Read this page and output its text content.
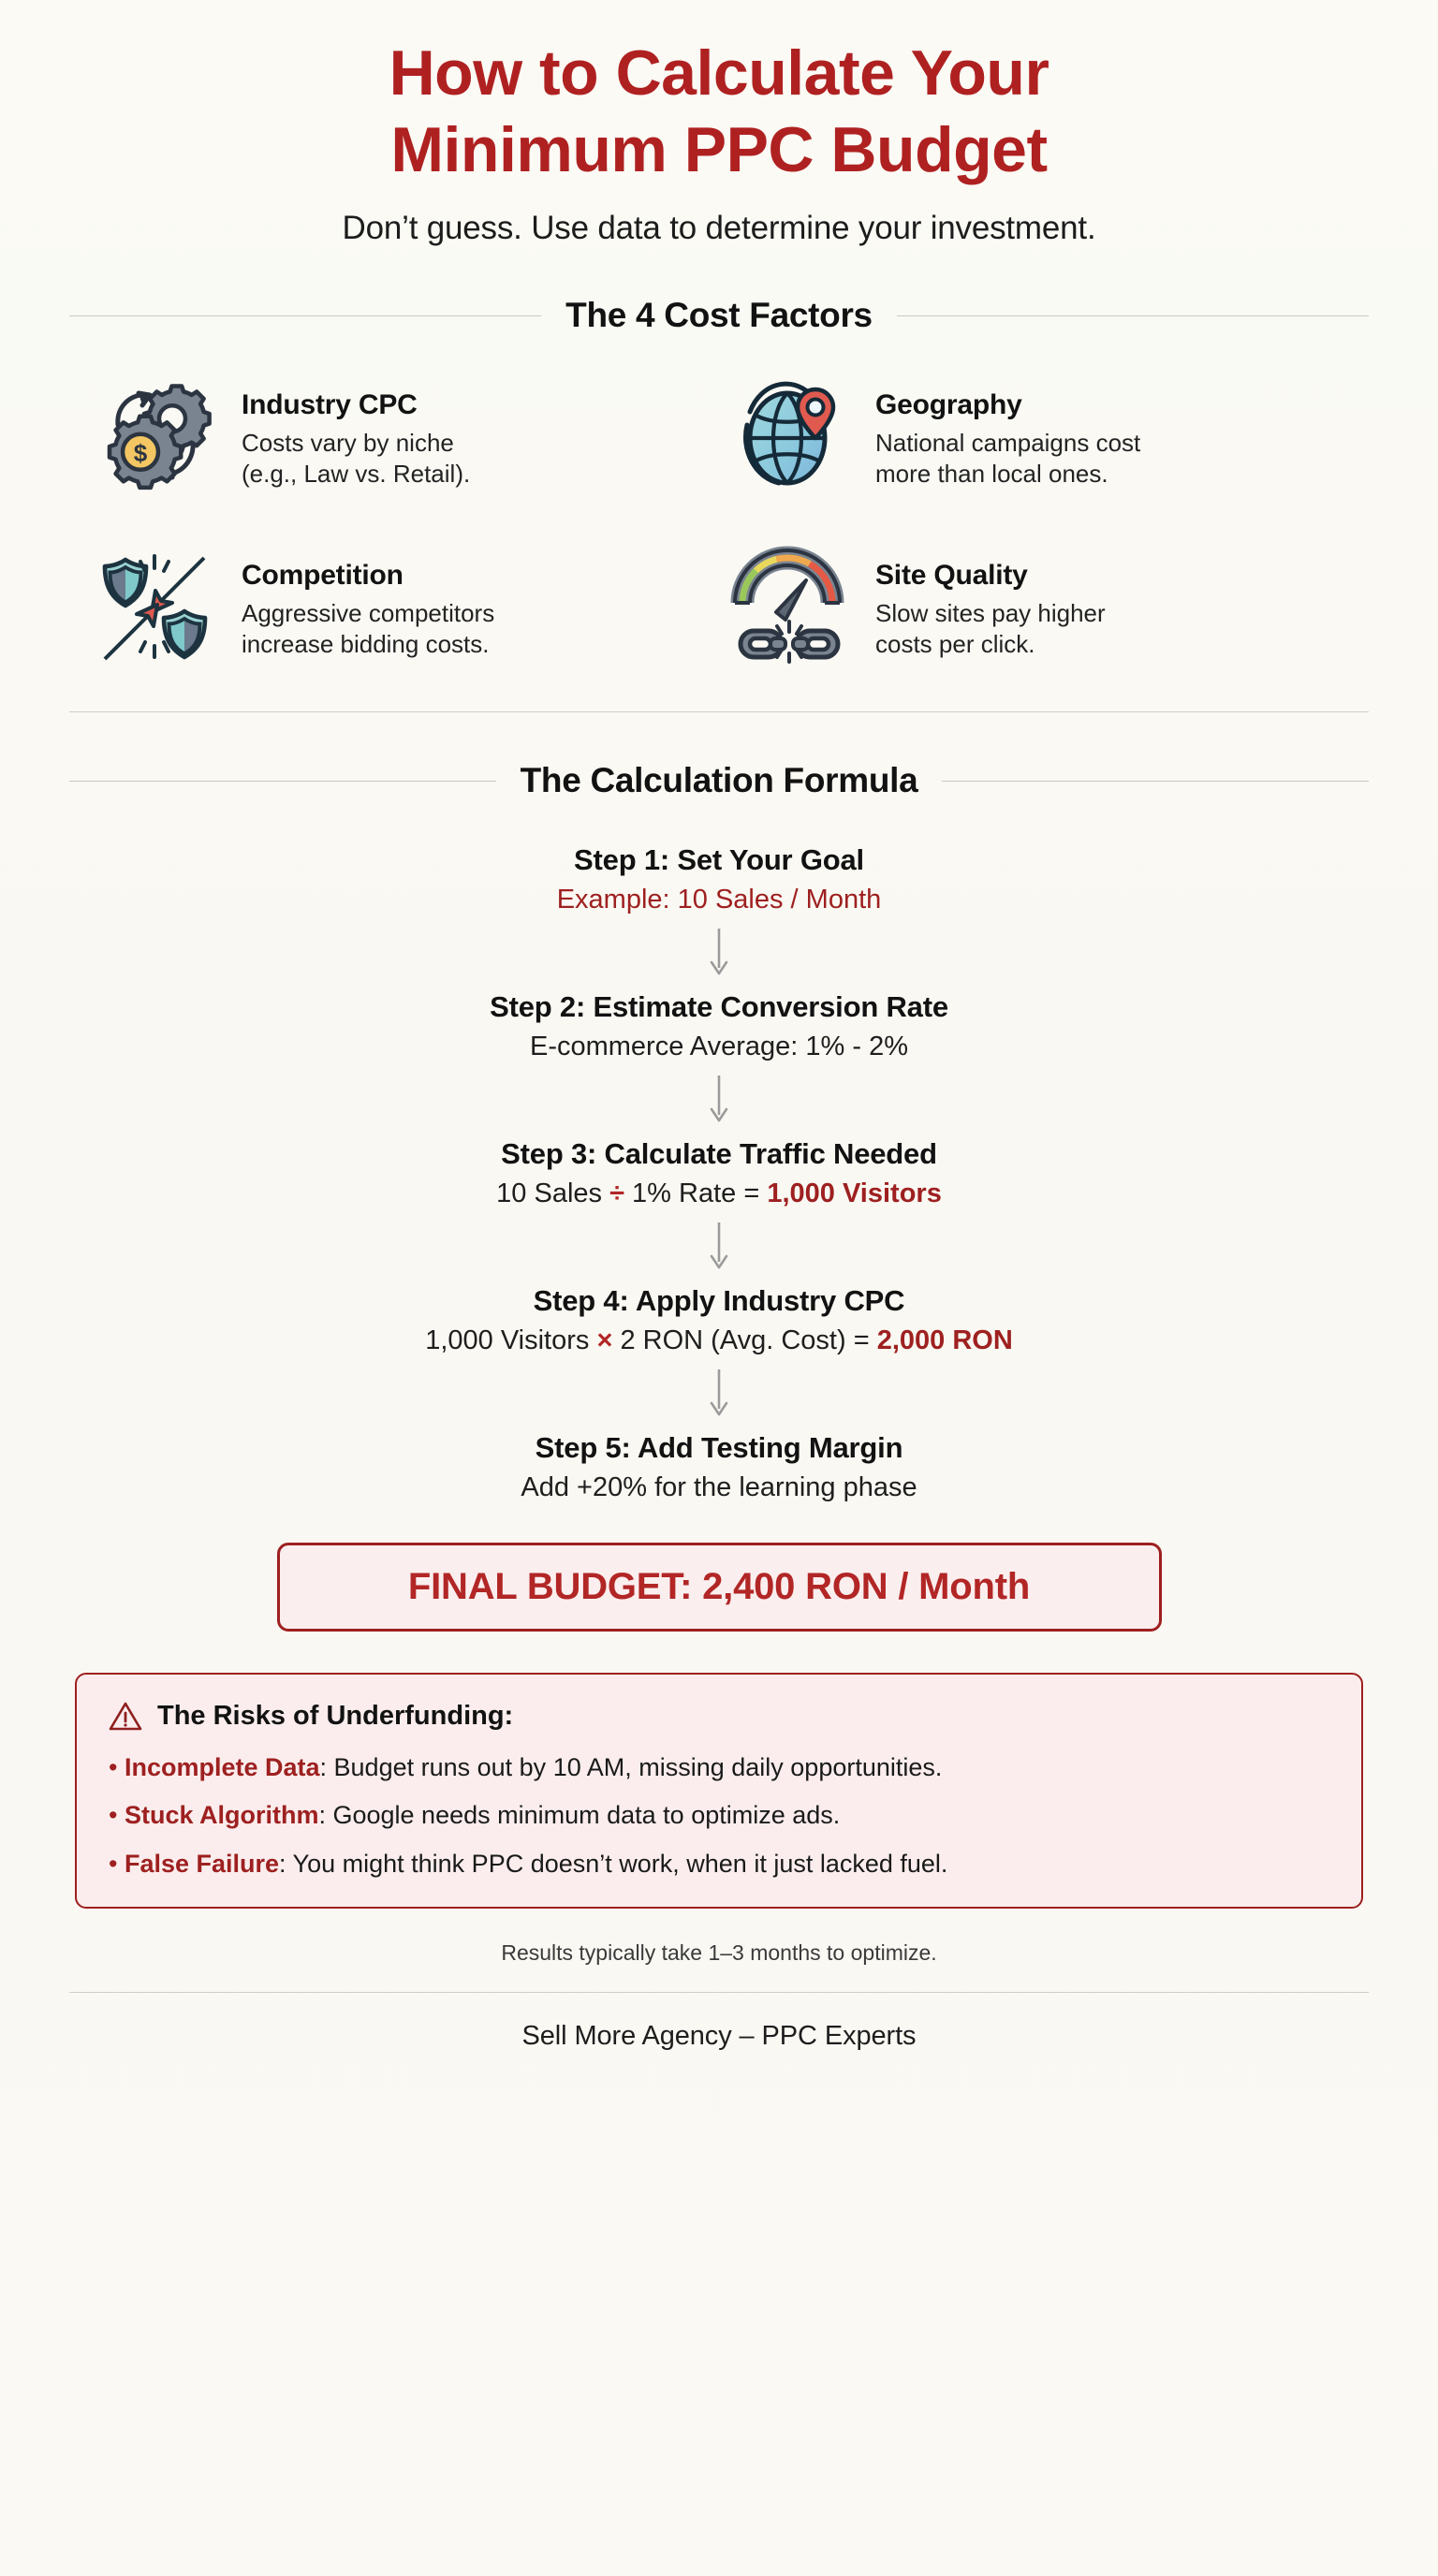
How to Calculate Your
Minimum PPC Budget
Don’t guess. Use data to determine your investment.
The 4 Cost Factors
$
Industry CPC
Costs vary by niche
(e.g., Law vs. Retail).
Geography
National campaigns cost
more than local ones.
Competition
Aggressive competitors
increase bidding costs.
Site Quality
Slow sites pay higher
costs per click.
The Calculation Formula
Step 1: Set Your Goal
Example: 10 Sales / Month
Step 2: Estimate Conversion Rate
E-commerce Average: 1% - 2%
Step 3: Calculate Traffic Needed
10 Sales ÷ 1% Rate = 1,000 Visitors
Step 4: Apply Industry CPC
1,000 Visitors × 2 RON (Avg. Cost) = 2,000 RON
Step 5: Add Testing Margin
Add +20% for the learning phase
FINAL BUDGET: 2,400 RON / Month
The Risks of Underfunding:
• Incomplete Data: Budget runs out by 10 AM, missing daily opportunities.
• Stuck Algorithm: Google needs minimum data to optimize ads.
• False Failure: You might think PPC doesn’t work, when it just lacked fuel.
Results typically take 1–3 months to optimize.
Sell More Agency – PPC Experts
